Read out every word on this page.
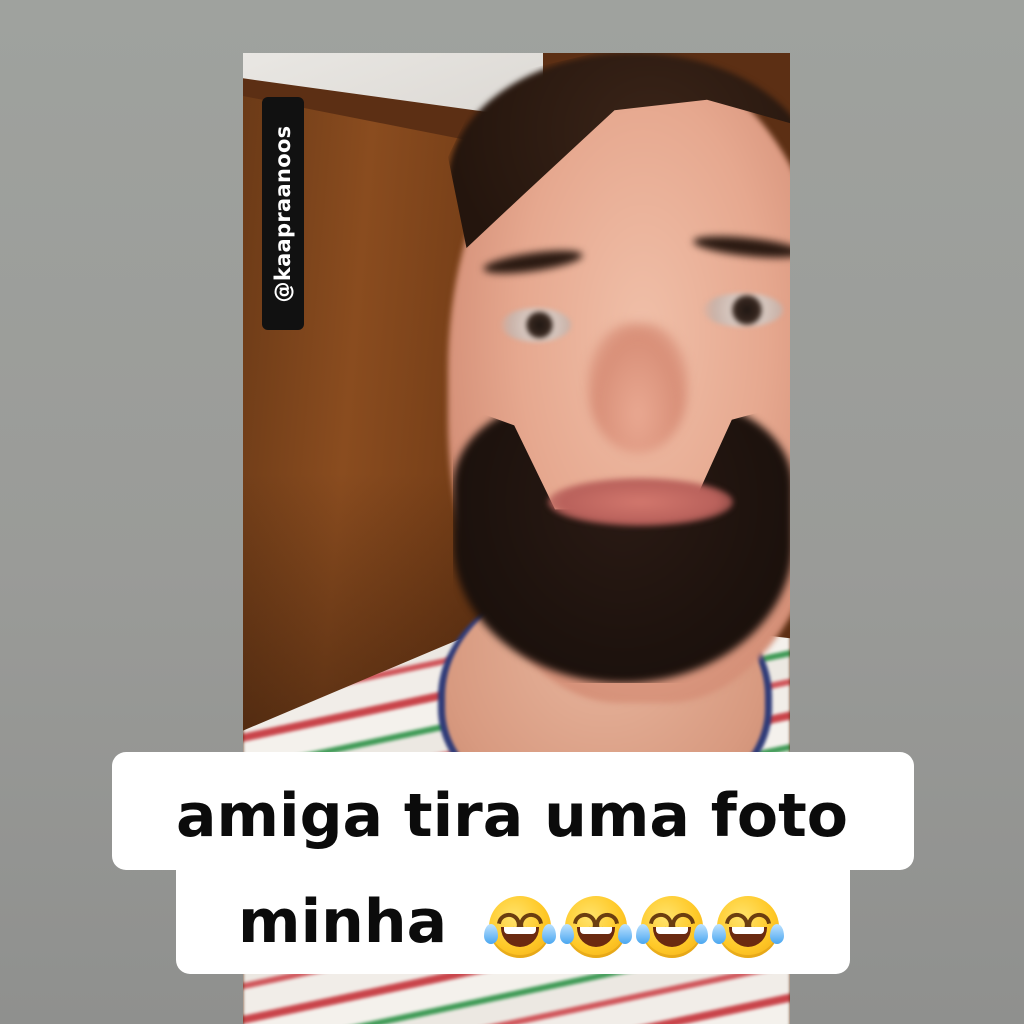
@kaapraanoos
amiga tira uma foto
minha
